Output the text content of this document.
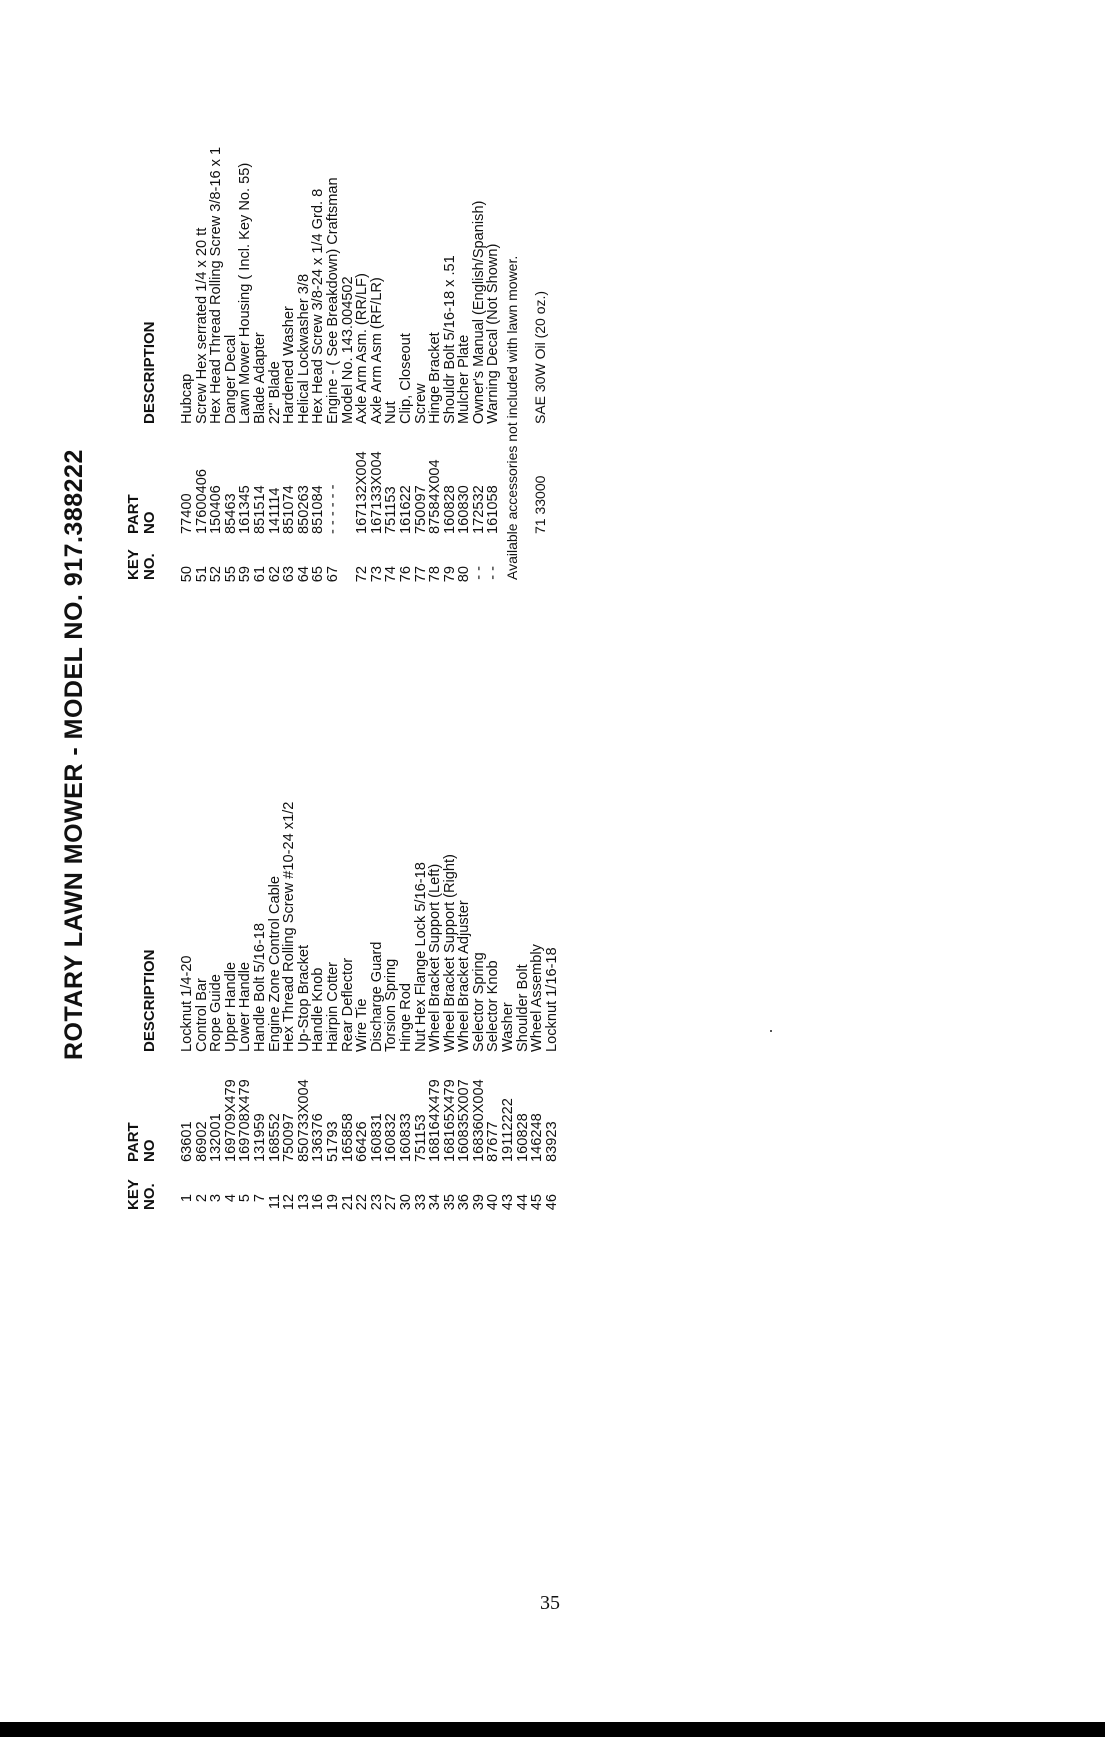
ROTARY LAWN MOWER - MODEL NO. 917.388222
KEY NO.
PART NO
DESCRIPTION
163601Locknut 1/4-20
286902Control Bar
3132001Rope Guide
4169709X479Upper Handle
5169708X479Lower Handle
7131959Handle Bolt 5/16-18
11168552Engine Zone Control Cable
12750097Hex Thread Rolling Screw #10-24 x1/2
13850733X004Up-Stop Bracket
16136376Handle Knob
1951793Hairpin Cotter
21165858Rear Deflector
2266426Wire Tie
23160831Discharge Guard
27160832Torsion Spring
30160833Hinge Rod
33751153Nut Hex Flange Lock 5/16-18
34168164X479Wheel Bracket Support (Left)
35168165X479Wheel Bracket Support (Right)
36160835X007Wheel Bracket Adjuster
39168360X004Selector Spring
4087677Selector Knob
4319112222Washer
44160828Shoulder Bolt
45146248Wheel Assembly
4683923Locknut 1/16-18
KEY NO.
PART NO
DESCRIPTION
5077400Hubcap
5117600406Screw Hex serrated 1/4 x 20 tt
52150406Hex Head Thread Rolling Screw 3/8-16 x 1
5585463Danger Decal
59161345Lawn Mower Housing ( Incl. Key No. 55)
61851514Blade Adapter
6214111422" Blade
63851074Hardened Washer
64850263Helical Lockwasher 3/8
65851084Hex Head Screw 3/8-24 x 1/4 Grd. 8
67- - - - - -Engine - ( See Breakdown) Craftsman
Model No. 143.004502
72167132X004Axle Arm Asm. (RR/LF)
73167133X004Axle Arm Asm (RF/LR)
74751153Nut
76161622Clip, Closeout
77750097Screw
7887584X004Hinge Bracket
79160828Shouldr Bolt 5/16-18 x .51
80160830Mulcher Plate
- -172532Owner's Manual (English/Spanish)
- -161058Warning Decal (Not Shown) Available accessories not included with lawn mower. 71 33000
SAE 30W Oil (20 oz.)
35
